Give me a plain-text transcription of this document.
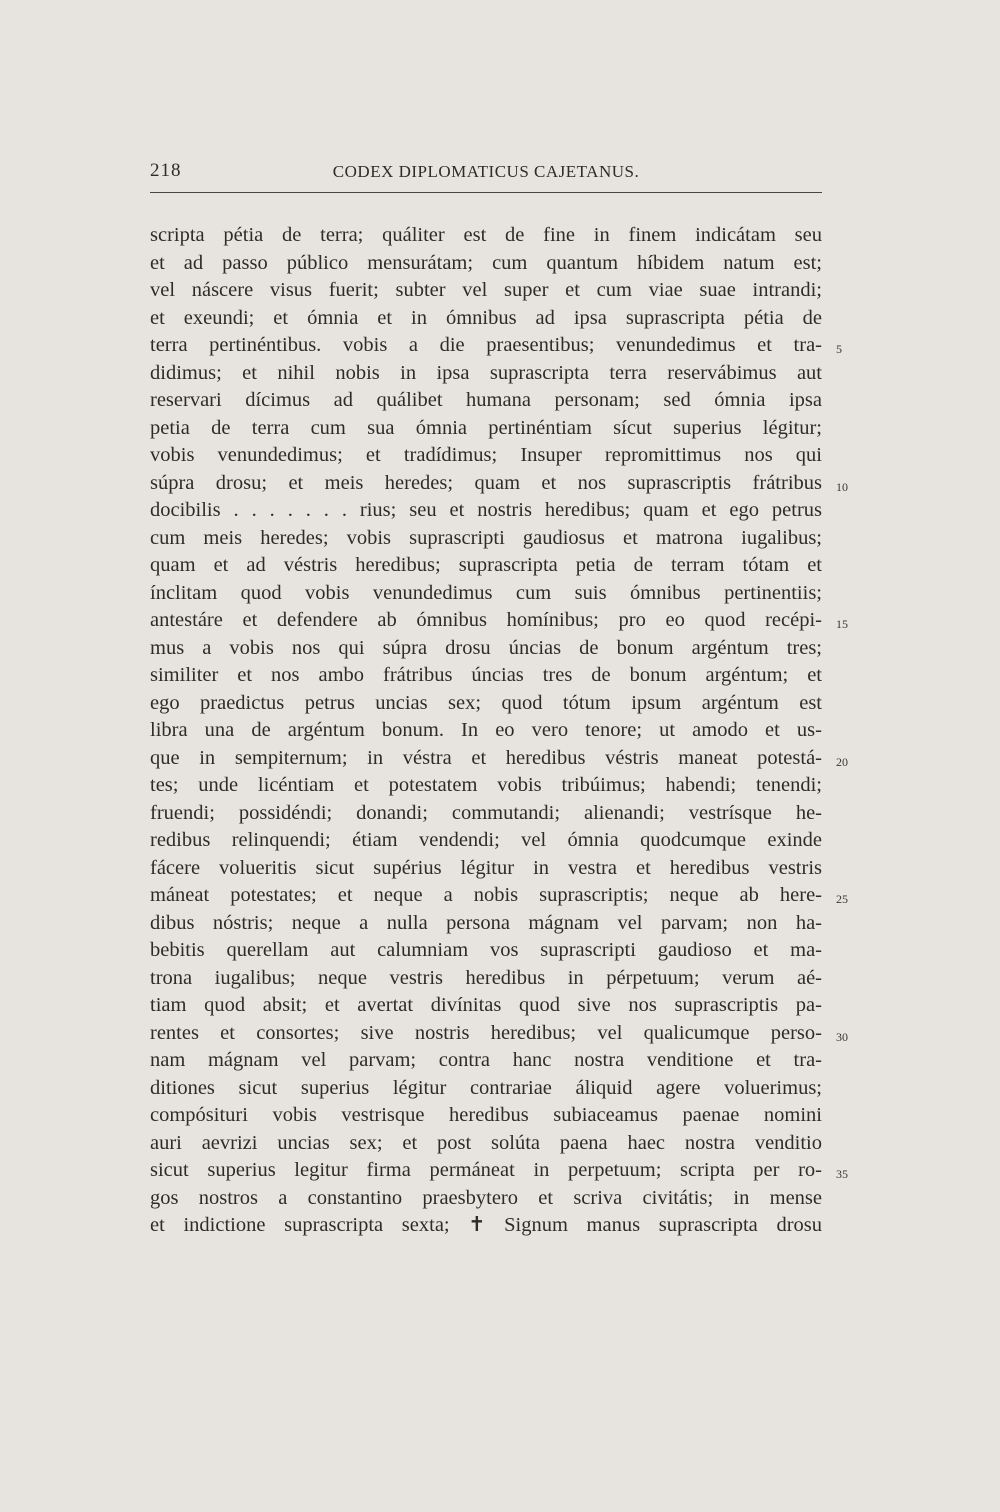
218	CODEX DIPLOMATICUS CAJETANUS.
scripta pétia de terra; quáliter est de fine in finem indicátam seu
et ad passo público mensurátam; cum quantum híbidem natum est;
vel náscere visus fuerit; subter vel super et cum viae suae intrandi;
et exeundi; et ómnia et in ómnibus ad ipsa suprascripta pétia de
terra pertinéntibus. vobis a die praesentibus; venundedimus et tra-
didimus; et nihil nobis in ipsa suprascripta terra reservábimus aut
reservari dícimus ad quálibet humana personam; sed ómnia ipsa
petia de terra cum sua ómnia pertinéntiam sícut superius légitur;
vobis venundedimus; et tradídimus; Insuper repromittimus nos qui
súpra drosu; et meis heredes; quam et nos suprascriptis frátribus
docibilis . . . . . . . rius; seu et nostris heredibus; quam et ego petrus
cum meis heredes; vobis suprascripti gaudiosus et matrona iugalibus;
quam et ad véstris heredibus; suprascripta petia de terram tótam et
ínclitam quod vobis venundedimus cum suis ómnibus pertinentiis;
antestáre et defendere ab ómnibus homínibus; pro eo quod recépi-
mus a vobis nos qui súpra drosu úncias de bonum argéntum tres;
similiter et nos ambo frátribus úncias tres de bonum argéntum; et
ego praedictus petrus uncias sex; quod tótum ipsum argéntum est
libra una de argéntum bonum. In eo vero tenore; ut amodo et us-
que in sempiternum; in véstra et heredibus véstris maneat potestá-
tes; unde licéntiam et potestatem vobis tribúimus; habendi; tenendi;
fruendi; possidéndi; donandi; commutandi; alienandi; vestrísque he-
redibus relinquendi; étiam vendendi; vel ómnia quodcumque exinde
fácere volueritis sicut supérius légitur in vestra et heredibus vestris
máneat potestates; et neque a nobis suprascriptis; neque ab here-
dibus nóstris; neque a nulla persona mágnam vel parvam; non ha-
bebitis querellam aut calumniam vos suprascripti gaudioso et ma-
trona iugalibus; neque vestris heredibus in pérpetuum; verum aé-
tiam quod absit; et avertat divínitas quod sive nos suprascriptis pa-
rentes et consortes; sive nostris heredibus; vel qualicumque perso-
nam mágnam vel parvam; contra hanc nostra venditione et tra-
ditiones sicut superius légitur contrariae áliquid agere voluerimus;
compósituri vobis vestrisque heredibus subiaceamus paenae nomini
auri aevrizi uncias sex; et post solúta paena haec nostra venditio
sicut superius legitur firma permáneat in perpetuum; scripta per ro-
gos nostros a constantino praesbytero et scriva civitátis; in mense
et indictione suprascripta sexta; ✝ Signum manus suprascripta drosu
5
10
15
20
25
30
35
